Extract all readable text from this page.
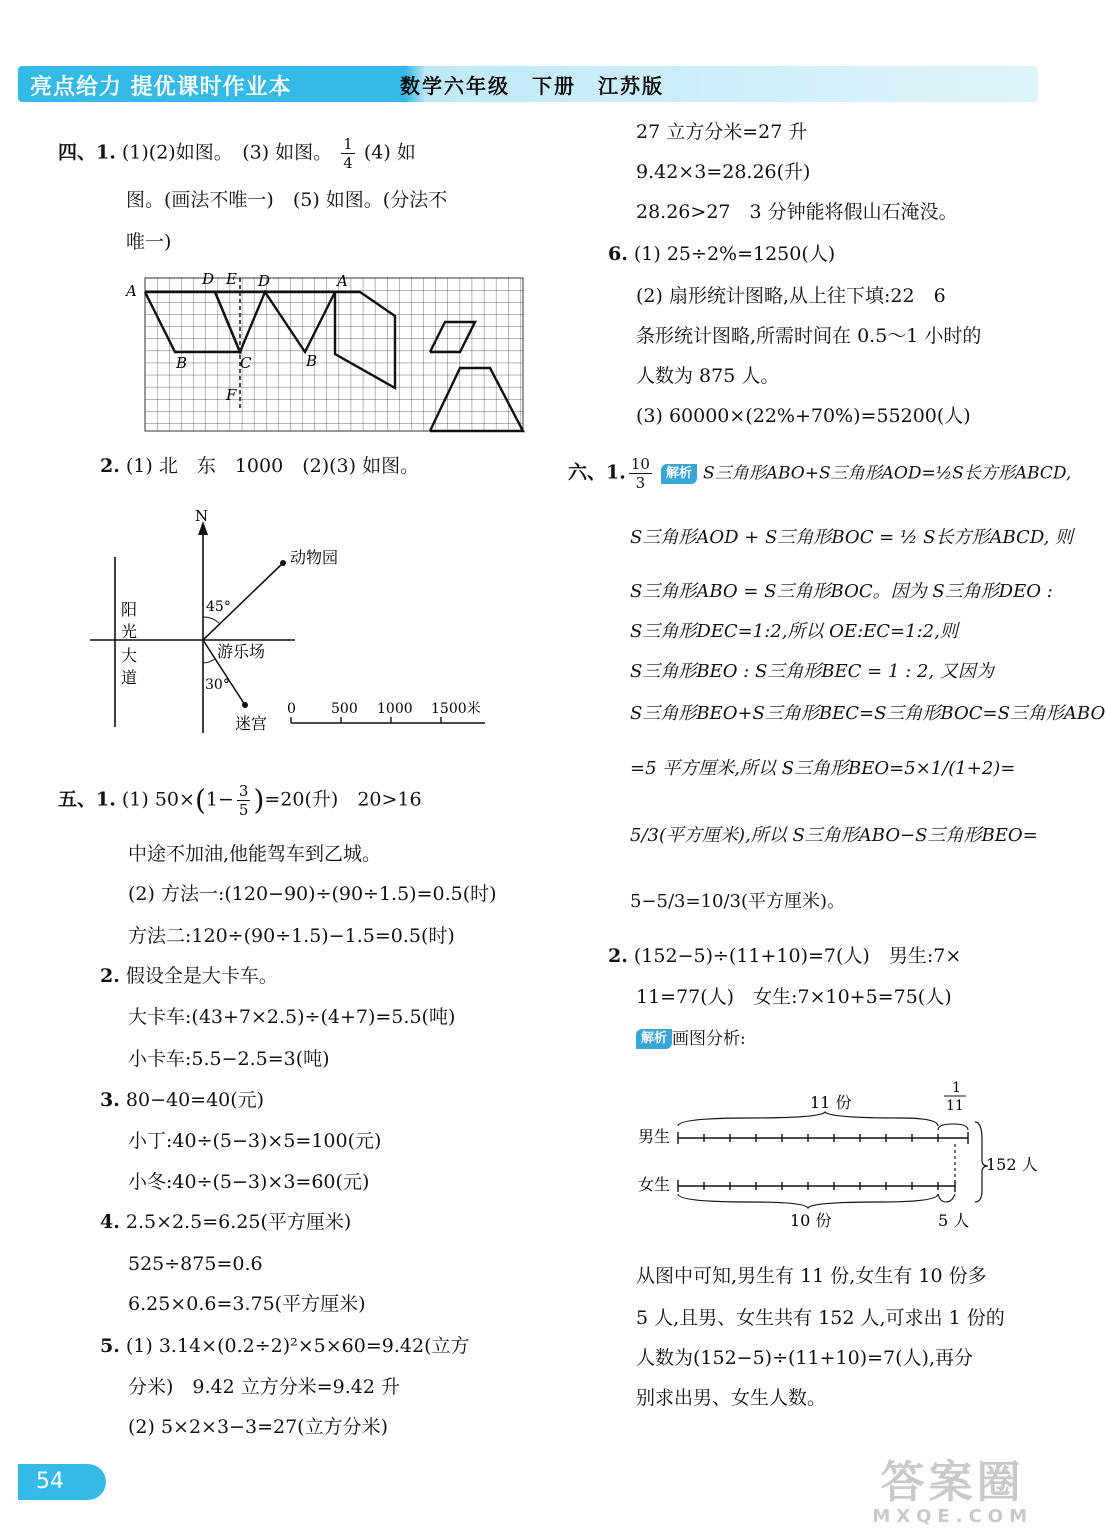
亮点给力 提优课时作业本	数学六年级　下册　江苏版
四、1. (1)(2)如图。　(3) 如图。 $\frac{1}{4} (4)$ 如
图。(画法不唯一)　(5) 如图。(分法不
唯一)
A
D E D	A
B	C	B
F
2. (1) 北　东　1000　(2)(3) 如图。
N
动物园
阳
光
大
道
游乐场
迷宫
45°
30°
0	500 1000 1500米
五、1. (1) $50\times(1- \frac{3}{5} )=20$(升)　20>16
中途不加油,他能驾车到乙城。
(2) 方法一:(120−90)÷(90÷1.5)=0.5(时)
方法二:120÷(90÷1.5)−1.5=0.5(时)
2. 假设全是大卡车。
大卡车:(43+7×2.5)÷(4+7)=5.5(吨)
小卡车:5.5−2.5=3(吨)
3. 80−40=40(元)
小丁:40÷(5−3)×5=100(元)
小冬:40÷(5−3)×3=60(元)
4. 2.5×2.5=6.25(平方厘米)
525÷875=0.6
6.25×0.6=3.75(平方厘米)
5. (1) 3.14×(0.2÷2)²×5×60=9.42(立方
分米)　9.42 立方分米=9.42 升
(2) 5×2×3−3=27(立方分米)
27 立方分米=27 升
9.42×3=28.26(升)
28.26>27　3 分钟能将假山石淹没。
6. (1) 25÷2%=1250(人)
(2) 扇形统计图略,从上往下填:22　6
条形统计图略,所需时间在 0.5～1 小时的
人数为 875 人。
(3) 60000×(22%+70%)=55200(人)
六、1. $\frac{10}{3}$ 解析 S三角形ABO+S三角形AOD=½S长方形ABCD,
S三角形AOD + S三角形BOC = ½ S长方形ABCD, 则
S三角形ABO = S三角形BOC。因为 S三角形DEO :
S三角形DEC=1:2,所以 OE:EC=1:2,则
S三角形BEO : S三角形BEC = 1 : 2, 又因为
S三角形BEO+S三角形BEC=S三角形BOC=S三角形ABO
=5 平方厘米,所以 S三角形BEO=5×1/(1+2)=
5/3(平方厘米),所以 S三角形ABO−S三角形BEO=
5−5/3=10/3(平方厘米)。
2. (152−5)÷(11+10)=7(人)　男生:7×
11=77(人)　女生:7×10+5=75(人)
解析 画图分析:
男生
女生
11 份
1
11
10 份	5 人
152 人
从图中可知,男生有 11 份,女生有 10 份多
5 人,且男、女生共有 152 人,可求出 1 份的
人数为(152−5)÷(11+10)=7(人),再分
别求出男、女生人数。
54	答案圈
MXQE.COM
